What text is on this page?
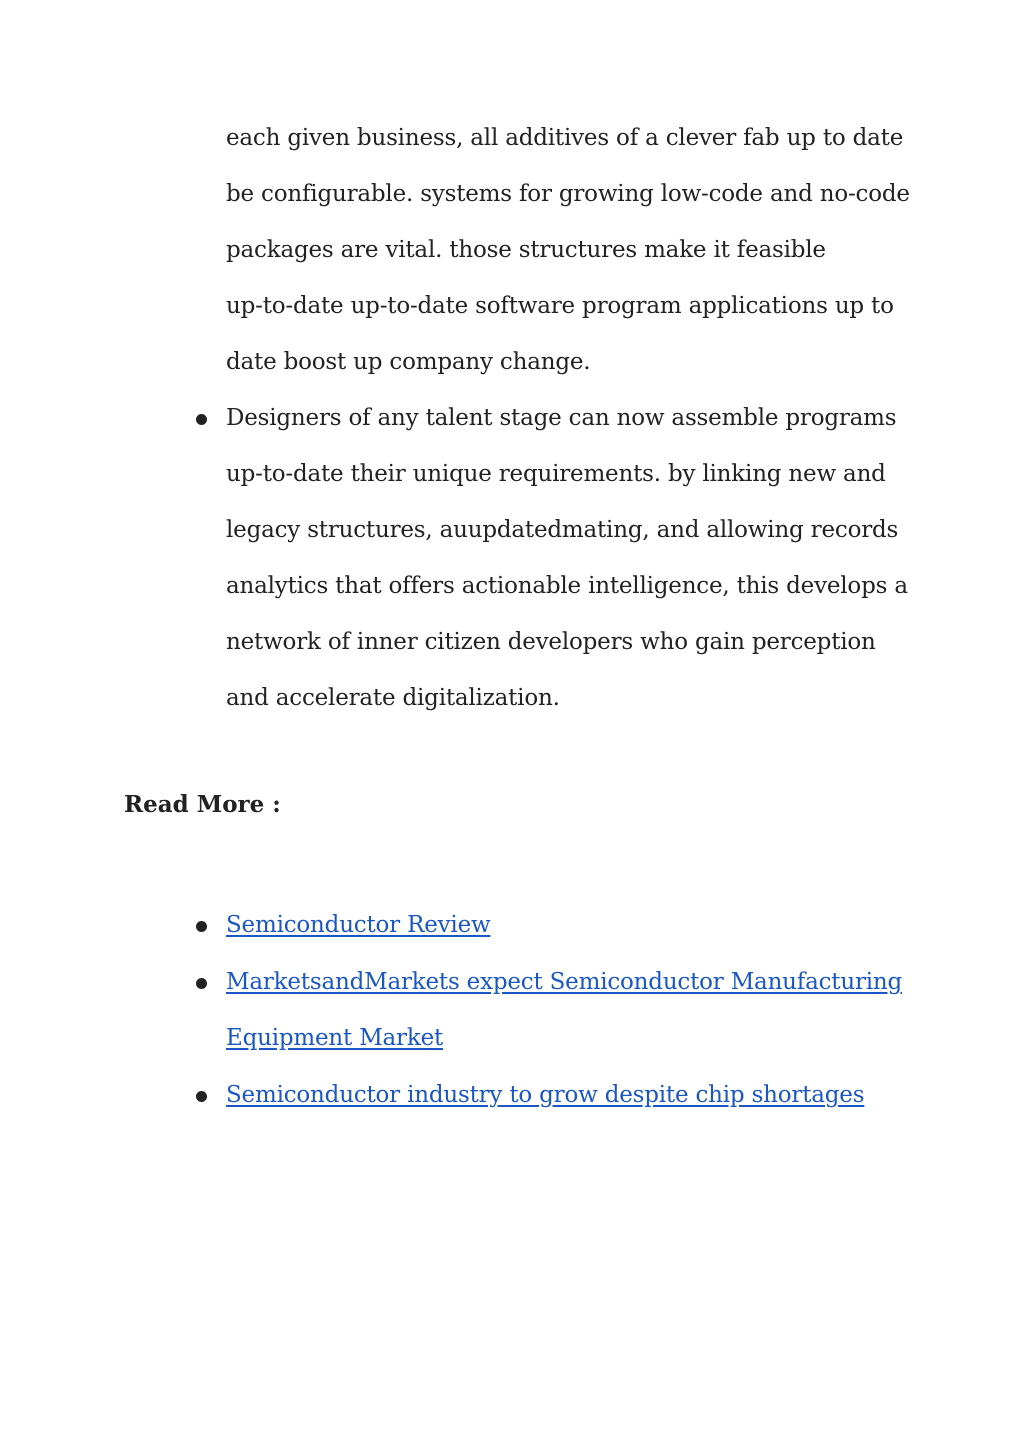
each given business, all additives of a clever fab up to date
be configurable. systems for growing low-code and no-code
packages are vital. those structures make it feasible
up-to-date up-to-date software program applications up to
date boost up company change.
Designers of any talent stage can now assemble programs
up-to-date their unique requirements. by linking new and
legacy structures, auupdatedmating, and allowing records
analytics that offers actionable intelligence, this develops a
network of inner citizen developers who gain perception
and accelerate digitalization.
Read More :
Semiconductor Review
MarketsandMarkets expect Semiconductor Manufacturing
Equipment Market
Semiconductor industry to grow despite chip shortages
